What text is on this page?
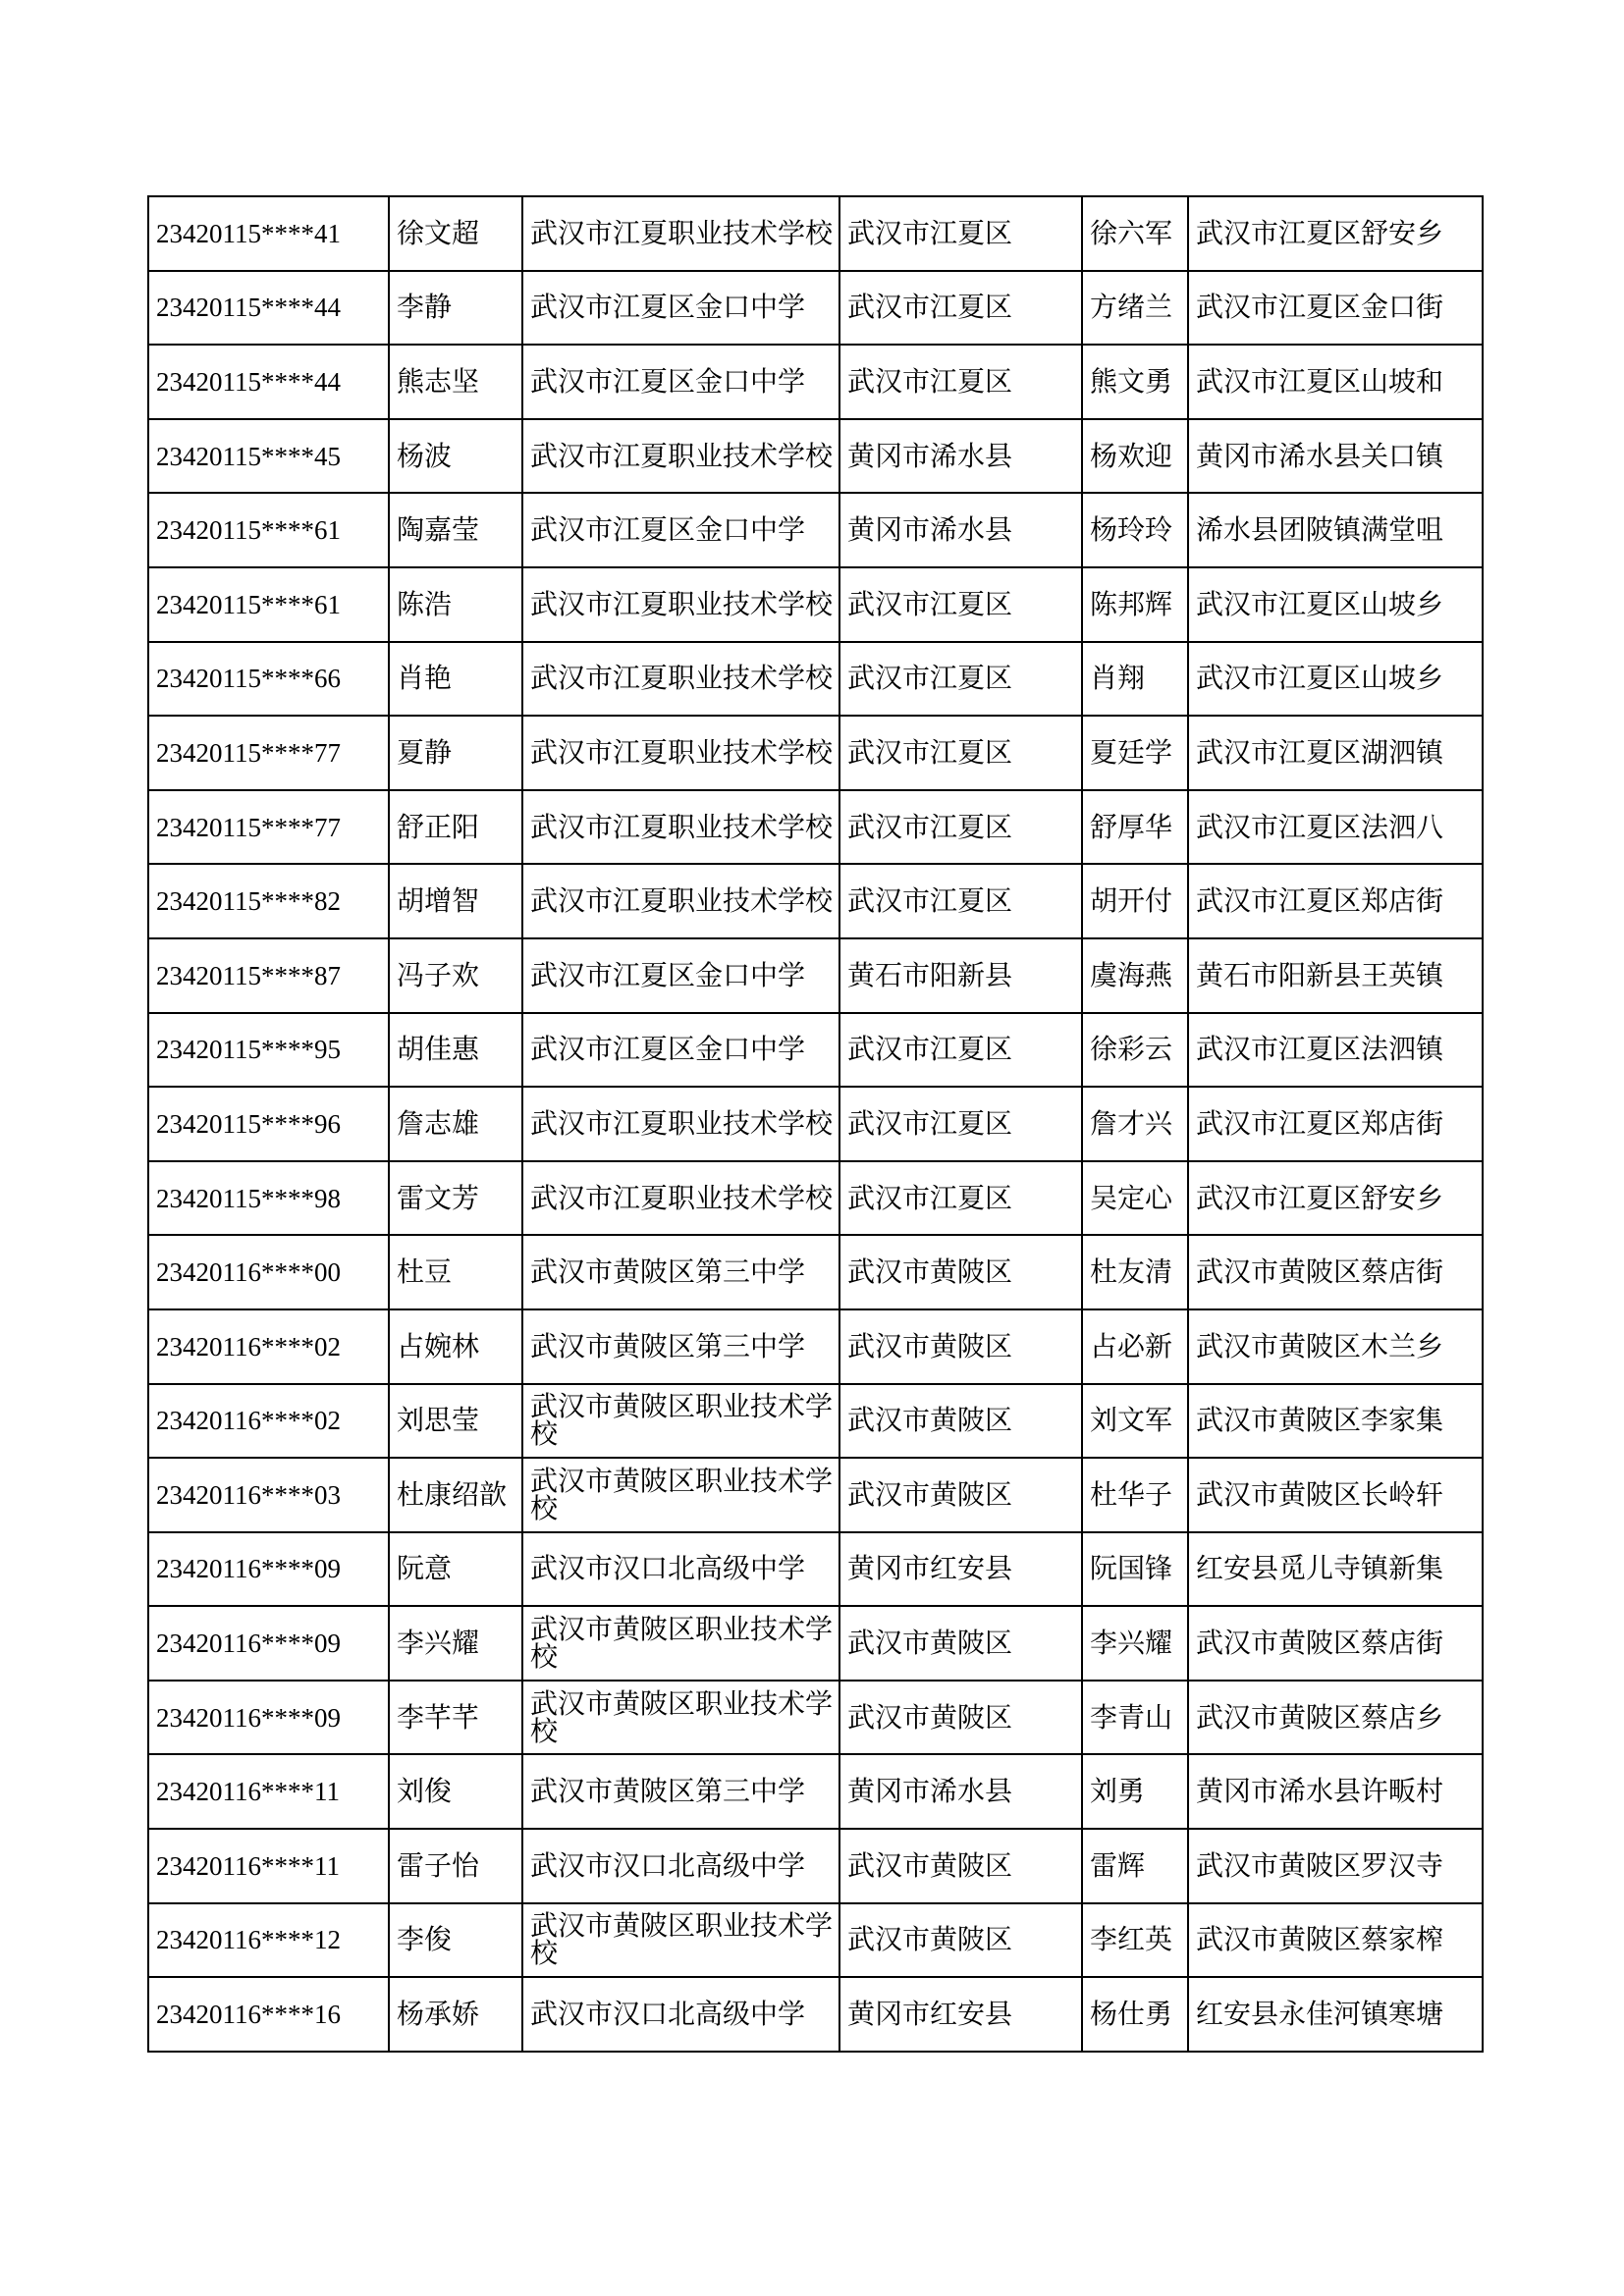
23420115****41	徐文超	武汉市江夏职业技术学校	武汉市江夏区	徐六军	武汉市江夏区舒安乡
23420115****44	李静	武汉市江夏区金口中学	武汉市江夏区	方绪兰	武汉市江夏区金口街
23420115****44	熊志坚	武汉市江夏区金口中学	武汉市江夏区	熊文勇	武汉市江夏区山坡和
23420115****45	杨波	武汉市江夏职业技术学校	黄冈市浠水县	杨欢迎	黄冈市浠水县关口镇
23420115****61	陶嘉莹	武汉市江夏区金口中学	黄冈市浠水县	杨玲玲	浠水县团陂镇满堂咀
23420115****61	陈浩	武汉市江夏职业技术学校	武汉市江夏区	陈邦辉	武汉市江夏区山坡乡
23420115****66	肖艳	武汉市江夏职业技术学校	武汉市江夏区	肖翔	武汉市江夏区山坡乡
23420115****77	夏静	武汉市江夏职业技术学校	武汉市江夏区	夏廷学	武汉市江夏区湖泗镇
23420115****77	舒正阳	武汉市江夏职业技术学校	武汉市江夏区	舒厚华	武汉市江夏区法泗八
23420115****82	胡增智	武汉市江夏职业技术学校	武汉市江夏区	胡开付	武汉市江夏区郑店街
23420115****87	冯子欢	武汉市江夏区金口中学	黄石市阳新县	虞海燕	黄石市阳新县王英镇
23420115****95	胡佳惠	武汉市江夏区金口中学	武汉市江夏区	徐彩云	武汉市江夏区法泗镇
23420115****96	詹志雄	武汉市江夏职业技术学校	武汉市江夏区	詹才兴	武汉市江夏区郑店街
23420115****98	雷文芳	武汉市江夏职业技术学校	武汉市江夏区	吴定心	武汉市江夏区舒安乡
23420116****00	杜豆	武汉市黄陂区第三中学	武汉市黄陂区	杜友清	武汉市黄陂区蔡店街
23420116****02	占婉林	武汉市黄陂区第三中学	武汉市黄陂区	占必新	武汉市黄陂区木兰乡
23420116****02	刘思莹	武汉市黄陂区职业技术学校	武汉市黄陂区	刘文军	武汉市黄陂区李家集
23420116****03	杜康绍歆	武汉市黄陂区职业技术学校	武汉市黄陂区	杜华子	武汉市黄陂区长岭轩
23420116****09	阮意	武汉市汉口北高级中学	黄冈市红安县	阮国锋	红安县觅儿寺镇新集
23420116****09	李兴耀	武汉市黄陂区职业技术学校	武汉市黄陂区	李兴耀	武汉市黄陂区蔡店街
23420116****09	李芊芊	武汉市黄陂区职业技术学校	武汉市黄陂区	李青山	武汉市黄陂区蔡店乡
23420116****11	刘俊	武汉市黄陂区第三中学	黄冈市浠水县	刘勇	黄冈市浠水县许畈村
23420116****11	雷子怡	武汉市汉口北高级中学	武汉市黄陂区	雷辉	武汉市黄陂区罗汉寺
23420116****12	李俊	武汉市黄陂区职业技术学校	武汉市黄陂区	李红英	武汉市黄陂区蔡家榨
23420116****16	杨承娇	武汉市汉口北高级中学	黄冈市红安县	杨仕勇	红安县永佳河镇寒塘
